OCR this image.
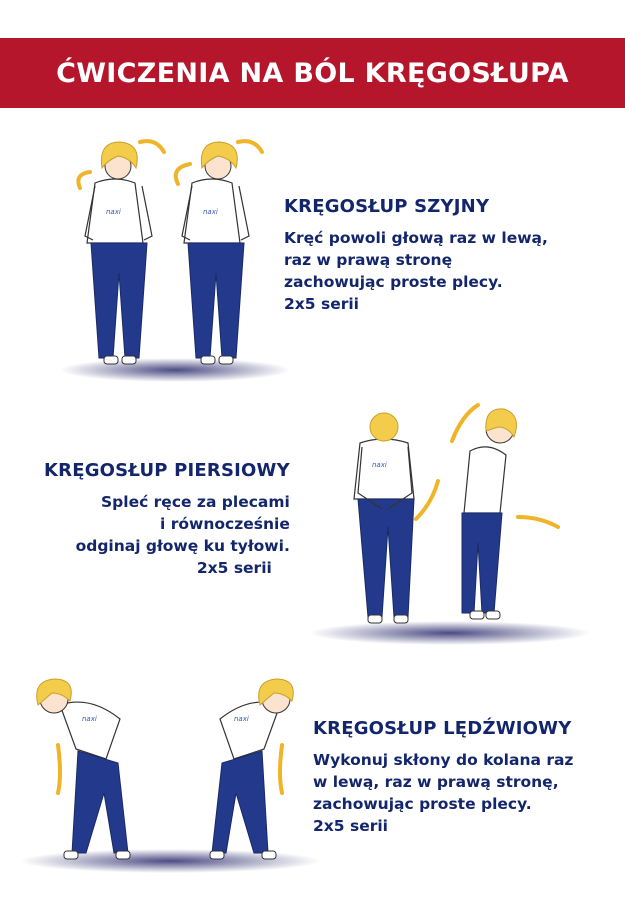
ĆWICZENIA NA BÓL KRĘGOSŁUPA
naxi	naxi
naxi
naxi	naxi
KRĘGOSŁUP SZYJNY
Kręć powoli głową raz w lewą,
raz w prawą stronę
zachowując proste plecy.
2x5 serii
KRĘGOSŁUP PIERSIOWY
Spleć ręce za plecami
i równocześnie
odginaj głowę ku tyłowi.
2x5 serii
KRĘGOSŁUP LĘDŹWIOWY
Wykonuj skłony do kolana raz
w lewą, raz w prawą stronę,
zachowując proste plecy.
2x5 serii
